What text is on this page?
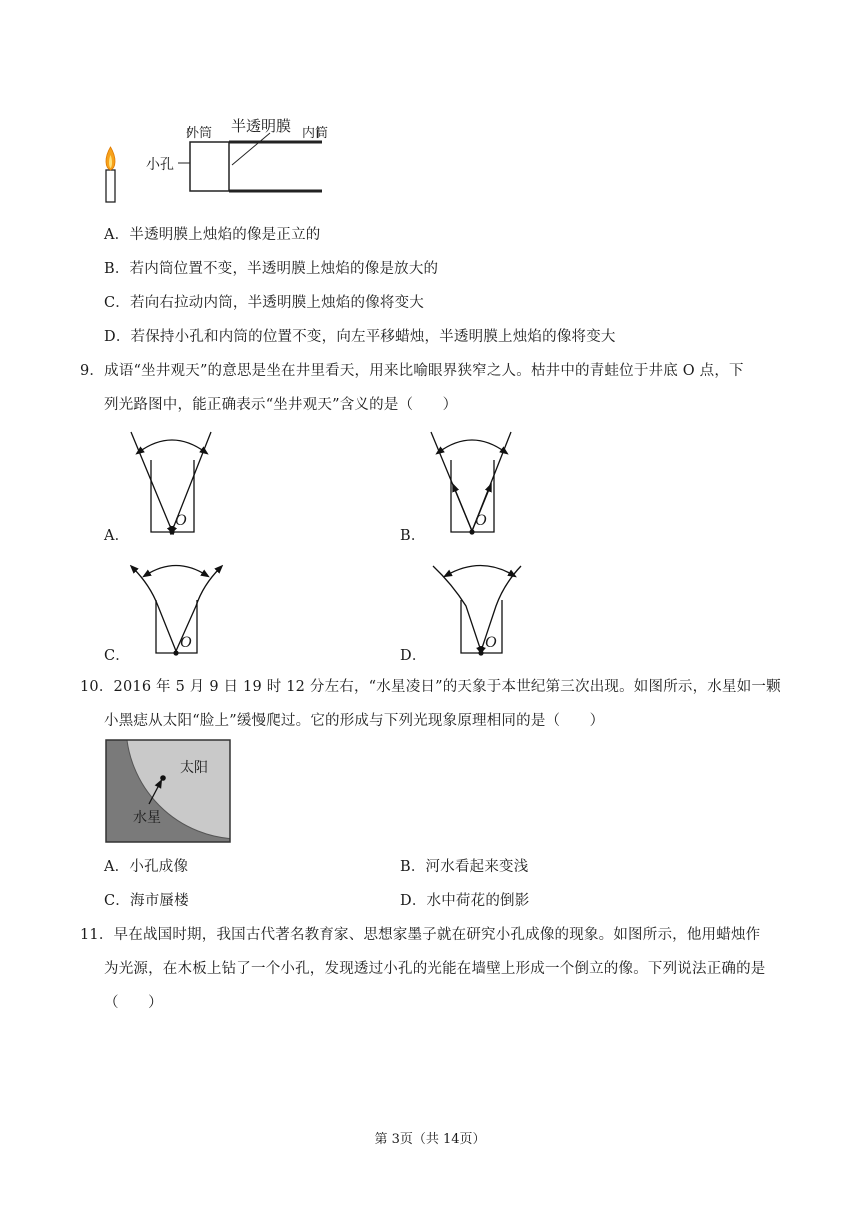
外筒 半透明膜 内筒
小孔
A．半透明膜上烛焰的像是正立的
B．若内筒位置不变，半透明膜上烛焰的像是放大的
C．若向右拉动内筒，半透明膜上烛焰的像将变大
D．若保持小孔和内筒的位置不变，向左平移蜡烛，半透明膜上烛焰的像将变大
9．成语“坐井观天”的意思是坐在井里看天，用来比喻眼界狭窄之人。枯井中的青蛙位于井底 O 点，下
列光路图中，能正确表示“坐井观天”含义的是（　　）
O	O
O	O
A．	B．
C．	D．
10．2016 年 5 月 9 日 19 时 12 分左右，“水星凌日”的天象于本世纪第三次出现。如图所示，水星如一颗
小黑痣从太阳“脸上”缓慢爬过。它的形成与下列光现象原理相同的是（　　）
太阳
水星
A．小孔成像	B．河水看起来变浅
C．海市蜃楼	D．水中荷花的倒影
11．早在战国时期，我国古代著名教育家、思想家墨子就在研究小孔成像的现象。如图所示，他用蜡烛作
为光源，在木板上钻了一个小孔，发现透过小孔的光能在墙壁上形成一个倒立的像。下列说法正确的是
（　　）
第 3页（共 14页）
